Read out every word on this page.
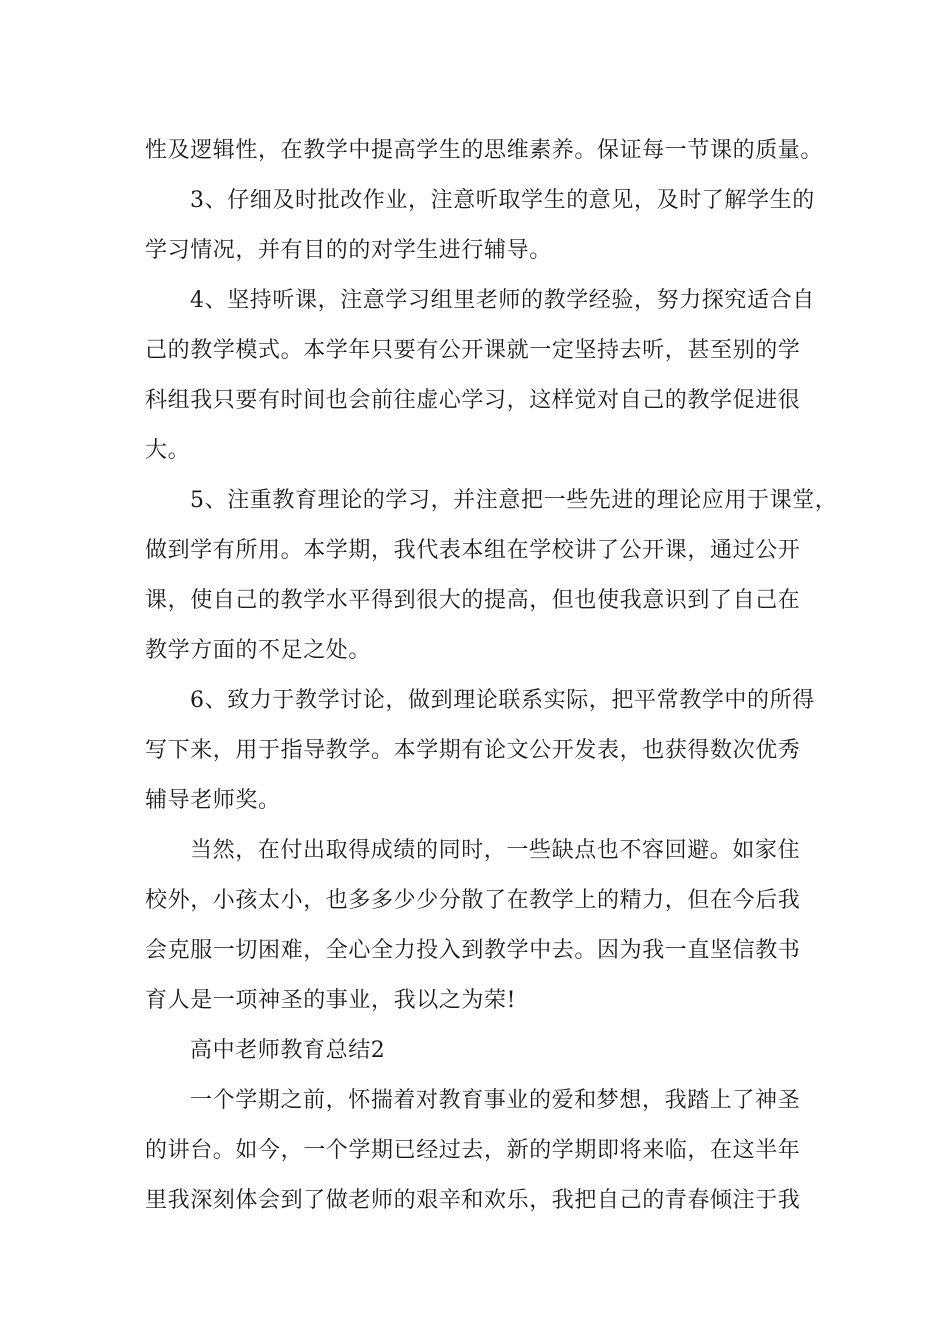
性及逻辑性，在教学中提高学生的思维素养。保证每一节课的质量。
3、仔细及时批改作业，注意听取学生的意见，及时了解学生的
学习情况，并有目的的对学生进行辅导。
4、坚持听课，注意学习组里老师的教学经验，努力探究适合自
己的教学模式。本学年只要有公开课就一定坚持去听，甚至别的学
科组我只要有时间也会前往虚心学习，这样觉对自己的教学促进很
大。
5、注重教育理论的学习，并注意把一些先进的理论应用于课堂，
做到学有所用。本学期，我代表本组在学校讲了公开课，通过公开
课，使自己的教学水平得到很大的提高，但也使我意识到了自己在
教学方面的不足之处。
6、致力于教学讨论，做到理论联系实际，把平常教学中的所得
写下来，用于指导教学。本学期有论文公开发表，也获得数次优秀
辅导老师奖。
当然，在付出取得成绩的同时，一些缺点也不容回避。如家住
校外，小孩太小，也多多少少分散了在教学上的精力，但在今后我
会克服一切困难，全心全力投入到教学中去。因为我一直坚信教书
育人是一项神圣的事业，我以之为荣!
高中老师教育总结2
一个学期之前，怀揣着对教育事业的爱和梦想，我踏上了神圣
的讲台。如今，一个学期已经过去，新的学期即将来临，在这半年
里我深刻体会到了做老师的艰辛和欢乐，我把自己的青春倾注于我
